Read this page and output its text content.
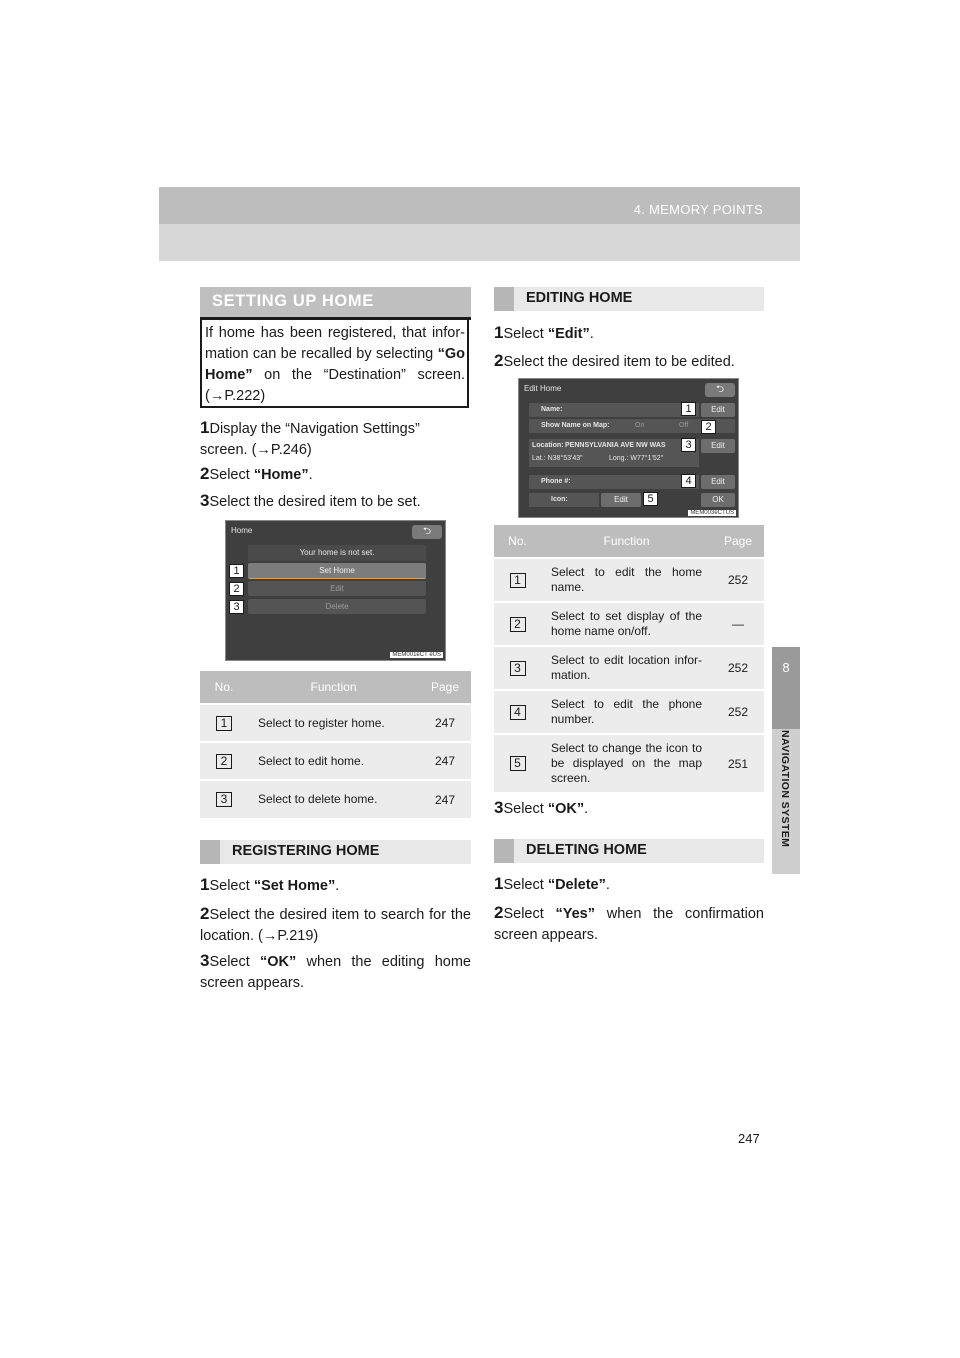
4. MEMORY POINTS
8
NAVIGATION SYSTEM
SETTING UP HOME
If home has been registered, that infor-mation can be recalled by selecting “Go Home” on the “Destination” screen. (→P.222)
1Display the “Navigation Settings” screen. (→P.246)
2Select “Home”.
3Select the desired item to be set.
Home	⮌
Your home is not set.
Set Home
Edit
Delete
1
2
3
MEM001eCT eUS
No.	Function	Page
1	Select to register home.	247
2	Select to edit home.	247
3	Select to delete home.	247
REGISTERING HOME
1Select “Set Home”.
2Select the desired item to search for the location. (→P.219)
3Select “OK” when the editing home screen appears.
EDITING HOME
1Select “Edit”.
2Select the desired item to be edited.
Edit Home	⮌
Name:	Edit
Show Name on Map:	On	Off
Location: PENNSYLVANIA AVE NW WAS
Lat.: N38°53'43"	Long.: W77°1'52"
Edit
Phone #:	Edit
Icon:	Edit	OK
1
2
3
4
5
MEM003eCTUS
No.	Function	Page
1	Select to edit the home name.	252
2	Select to set display of the home name on/off.	—
3	Select to edit location infor-mation.	252
4	Select to edit the phone number.	252
5	Select to change the icon to be displayed on the map screen.	251
3Select “OK”.
DELETING HOME
1Select “Delete”.
2Select “Yes” when the confirmation screen appears.
247
